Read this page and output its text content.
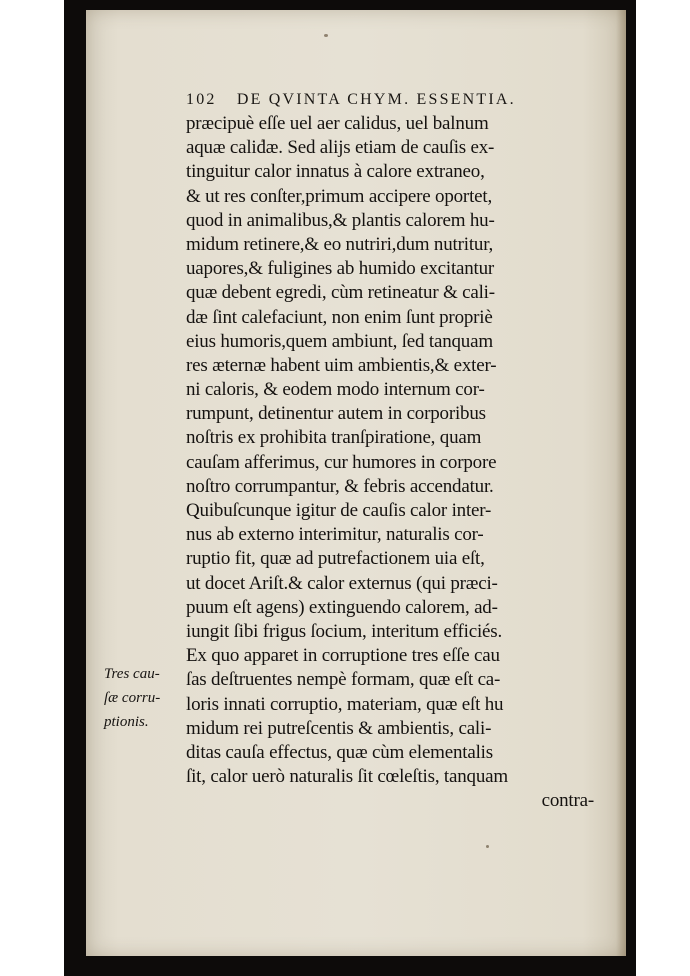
102 DE QVINTA CHYM. ESSENTIA.
præcipuè eſſe uel aer calidus, uel balnum
aquæ calidæ. Sed alijs etiam de cauſis ex-
tinguitur calor innatus à calore extraneo,
& ut res conſter,primum accipere oportet,
quod in animalibus,& plantis calorem hu-
midum retinere,& eo nutriri,dum nutritur,
uapores,& fuligines ab humido excitantur
quæ debent egredi, cùm retineatur & cali-
dæ ſint calefaciunt, non enim ſunt propriè
eius humoris,quem ambiunt, ſed tanquam
res æternæ habent uim ambientis,& exter-
ni caloris, & eodem modo internum cor-
rumpunt, detinentur autem in corporibus
noſtris ex prohibita tranſpiratione, quam
cauſam afferimus, cur humores in corpore
noſtro corrumpantur, & febris accendatur.
Quibuſcunque igitur de cauſis calor inter-
nus ab externo interimitur, naturalis cor-
ruptio fit, quæ ad putrefactionem uia eſt,
ut docet Ariſt.& calor externus (qui præci-
puum eſt agens) extinguendo calorem, ad-
iungit ſibi frigus ſocium, interitum efficiés.
Ex quo apparet in corruptione tres eſſe cau
ſas deſtruentes nempè formam, quæ eſt ca-
loris innati corruptio, materiam, quæ eſt hu
midum rei putreſcentis & ambientis, cali-
ditas cauſa effectus, quæ cùm elementalis
ſit, calor uerò naturalis ſit cœleſtis, tanquam
contra-
Tres cau-
ſæ corru-
ptionis.
